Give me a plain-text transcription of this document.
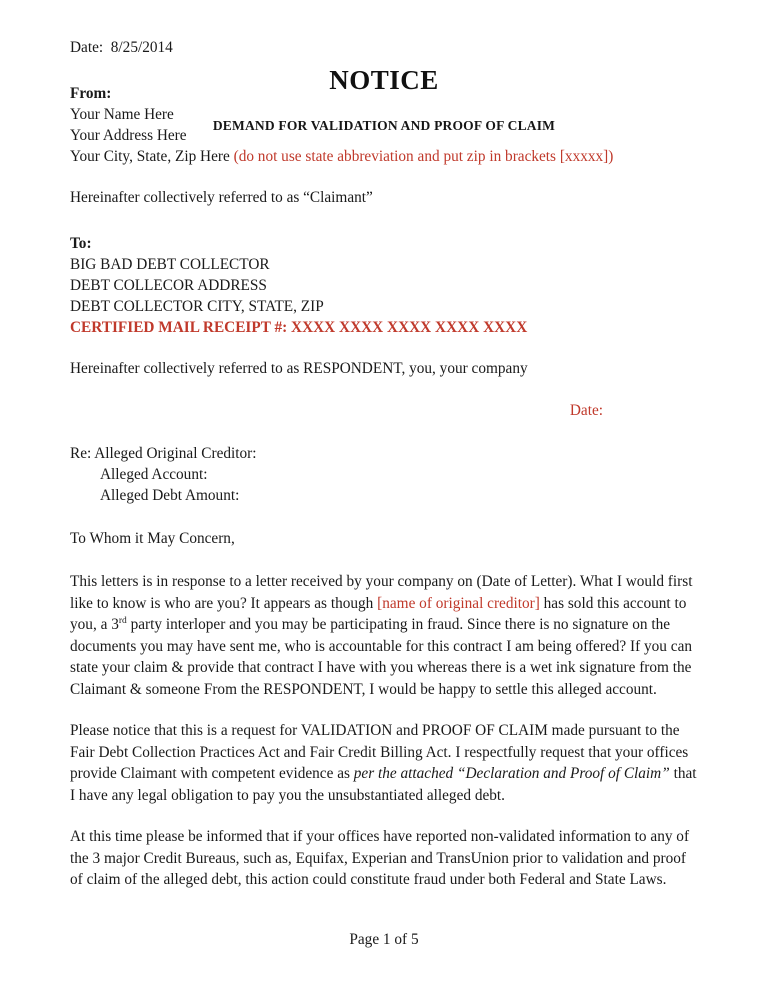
NOTICE
DEMAND FOR VALIDATION AND PROOF OF CLAIM

Date:  8/25/2014

From:

Your Name Here

Your Address Here

Your City, State, Zip Here (do not use state abbreviation and put zip in brackets [xxxxx])

Hereinafter collectively referred to as “Claimant”

To:

BIG BAD DEBT COLLECTOR

DEBT COLLECOR ADDRESS

DEBT COLLECTOR CITY, STATE, ZIP

CERTIFIED MAIL RECEIPT #: XXXX XXXX XXXX XXXX XXXX

Hereinafter collectively referred to as RESPONDENT, you, your company

Date:

Re: Alleged Original Creditor:

Alleged Account:

Alleged Debt Amount:

To Whom it May Concern,

This letters is in response to a letter received by your company on (Date of Letter). What I would first like to know is who are you? It appears as though [name of original creditor] has sold this account to you, a 3rd party interloper and you may be participating in fraud. Since there is no signature on the documents you may have sent me, who is accountable for this contract I am being offered? If you can state your claim & provide that contract I have with you whereas there is a wet ink signature from the Claimant & someone From the RESPONDENT, I would be happy to settle this alleged account.

Please notice that this is a request for VALIDATION and PROOF OF CLAIM made pursuant to the Fair Debt Collection Practices Act and Fair Credit Billing Act. I respectfully request that your offices provide Claimant with competent evidence as per the attached “Declaration and Proof of Claim” that I have any legal obligation to pay you the unsubstantiated alleged debt.

At this time please be informed that if your offices have reported non-validated information to any of the 3 major Credit Bureaus, such as, Equifax, Experian and TransUnion prior to validation and proof of claim of the alleged debt, this action could constitute fraud under both Federal and State Laws.

Page 1 of 5
